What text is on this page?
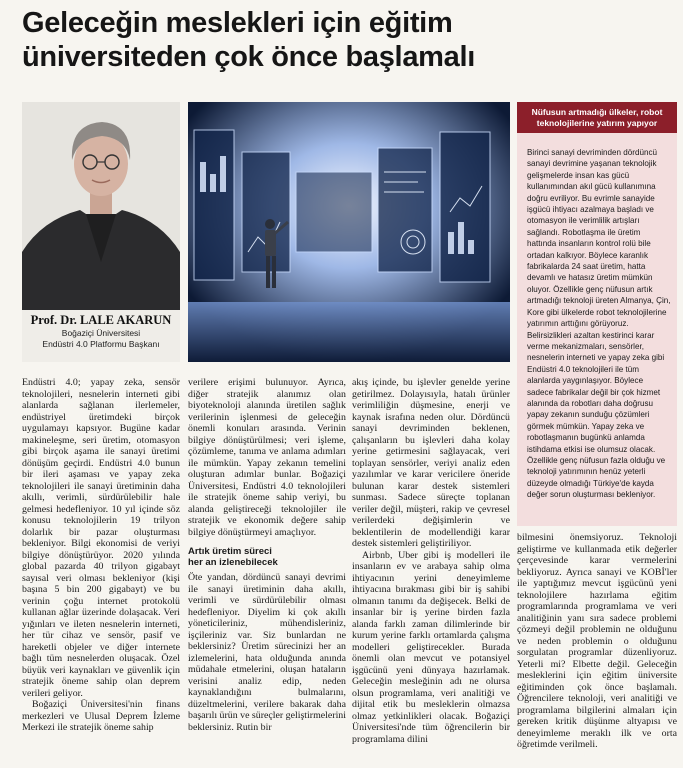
Geleceğin meslekleri için eğitim
üniversiteden çok önce başlamalı
Prof. Dr. LALE AKARUN
Boğaziçi Üniversitesi
Endüstri 4.0 Platformu Başkanı
Nüfusun artmadığı ülkeler, robot teknolojilerine yatırım yapıyor

Birinci sanayi devriminden dördüncü sanayi devrimine yaşanan teknolojik gelişmelerde insan kas gücü kullanımından akıl gücü kullanımına doğru evriliyor. Bu evrimle sanayide işgücü ihtiyacı azalmaya başladı ve otomasyon ile verimlilik artışları sağlandı. Robotlaşma ile üretim hattında insanların kontrol rolü bile ortadan kalkıyor. Böylece karanlık fabrikalarda 24 saat üretim, hatta devamlı ve hatasız üretim mümkün oluyor. Özellikle genç nüfusun artık artmadığı teknoloji üreten Almanya, Çin, Kore gibi ülkelerde robot teknolojilerine yatırımın arttığını görüyoruz. Belirsizlikleri azaltan kestirinci karar verme mekanizmaları, sensörler, nesnelerin interneti ve yapay zeka gibi Endüstri 4.0 teknolojileri ile tüm alanlarda yaygınlaşıyor. Böylece sadece fabrikalar değil bir çok hizmet alanında da robotları daha doğrusu yapay zekanın sunduğu çözümleri görmek mümkün. Yapay zeka ve robotlaşmanın bugünkü anlamda istihdama etkisi ise olumsuz olacak. Özellikle genç nüfusun fazla olduğu ve teknoloji yatırımının henüz yeterli düzeyde olmadığı Türkiye'de kayda değer sorun oluşturması bekleniyor.

Endüstri 4.0; yapay zeka, sensör teknolojileri, nesnelerin interneti gibi alanlarda sağlanan ilerlemeler, endüstriyel üretimdeki birçok uygulamayı kapsıyor. Bugüne kadar makineleşme, seri üretim, otomasyon gibi birçok aşama ile sanayi üretimi dönüşüm geçirdi. Endüstri 4.0 bunun bir ileri aşaması ve yapay zeka teknolojileri ile sanayi üretiminin daha akıllı, verimli, sürdürülebilir hale gelmesi hedefleniyor. 10 yıl içinde söz konusu teknolojilerin 19 trilyon dolarlık bir pazar oluşturması bekleniyor. Bilgi ekonomisi de veriyi bilgiye dönüştürüyor. 2020 yılında global pazarda 40 trilyon gigabayt sayısal veri olması bekleniyor (kişi başına 5 bin 200 gigabayt) ve bu verinin çoğu internet protokolü kullanan ağlar üzerinde dolaşacak. Veri yığınları ve ileten nesnelerin interneti, her tür cihaz ve sensör, pasif ve hareketli objeler ve diğer internete bağlı tüm nesnelerden oluşacak. Özel büyük veri kaynakları ve güvenlik için stratejik öneme sahip olan deprem verileri geliyor.

Boğaziçi Üniversitesi'nin finans merkezleri ve Ulusal Deprem İzleme Merkezi ile stratejik öneme sahip

verilere erişimi bulunuyor. Ayrıca, diğer stratejik alanımız olan biyoteknoloji alanında üretilen sağlık verilerinin işlenmesi de geleceğin önemli konuları arasında. Verinin bilgiye dönüştürülmesi; veri işleme, çözümleme, tanıma ve anlama adımları ile mümkün. Yapay zekanın temelini oluşturan adımlar bunlar. Boğaziçi Üniversitesi, Endüstri 4.0 teknolojileri ile stratejik öneme sahip veriyi, bu alanda geliştireceği teknolojiler ile stratejik ve ekonomik değere sahip bilgiye dönüştürmeyi amaçlıyor.

Artık üretim süreci
her an izlenebilecek

Öte yandan, dördüncü sanayi devrimi ile sanayi üretiminin daha akıllı, verimli ve sürdürülebilir olması hedefleniyor. Diyelim ki çok akıllı yöneticileriniz, mühendisleriniz, işçileriniz var. Siz bunlardan ne beklersiniz? Üretim sürecinizi her an izlemelerini, hata olduğunda anında müdahale etmelerini, oluşan hataların verisini analiz edip, neden kaynaklandığını bulmalarını, düzeltmelerini, verilere bakarak daha başarılı ürün ve süreçler geliştirmelerini beklersiniz. Rutin bir

akış içinde, bu işlevler genelde yerine getirilmez. Dolayısıyla, hatalı ürünler verimliliğin düşmesine, enerji ve kaynak israfına neden olur. Dördüncü sanayi devriminden beklenen, çalışanların bu işlevleri daha kolay yerine getirmesini sağlayacak, veri toplayan sensörler, veriyi analiz eden yazılımlar ve karar vericilere öneride bulunan karar destek sistemleri sunması. Sadece süreçte toplanan veriler değil, müşteri, rakip ve çevresel verilerdeki değişimlerin ve beklentilerin de modellendiği karar destek sistemleri geliştiriliyor.

Airbnb, Uber gibi iş modelleri ile insanların ev ve arabaya sahip olma ihtiyacının yerini deneyimleme ihtiyacına bırakması gibi bir iş sahibi olmanın tanımı da değişecek. Belki de insanlar bir iş yerine birden fazla alanda farklı zaman dilimlerinde bir kurum yerine farklı ortamlarda çalışma modelleri geliştirecekler. Burada önemli olan mevcut ve potansiyel işgücünü yeni dünyaya hazırlamak. Geleceğin mesleğinin adı ne olursa olsun programlama, veri analitiği ve dijital etik bu mesleklerin olmazsa olmaz yetkinlikleri olacak. Boğaziçi Üniversitesi'nde tüm öğrencilerin bir programlama dilini

bilmesini önemsiyoruz. Teknoloji geliştirme ve kullanmada etik değerler çerçevesinde karar vermelerini bekliyoruz. Ayrıca sanayi ve KOBİ'ler ile yaptığımız mevcut işgücünü yeni teknolojilere hazırlama eğitim programlarında programlama ve veri analitiğinin yanı sıra sadece problemi çözmeyi değil problemin ne olduğunu ve neden problemin o olduğunu sorgulatan programlar düzenliyoruz. Yeterli mi? Elbette değil. Geleceğin mesleklerini için eğitim üniversite eğitiminden çok önce başlamalı. Öğrencilere teknoloji, veri analitiği ve programlama bilgilerini almaları için gereken kritik düşünme altyapısı ve deneyimleme meraklı ilk ve orta öğretimde verilmeli.
